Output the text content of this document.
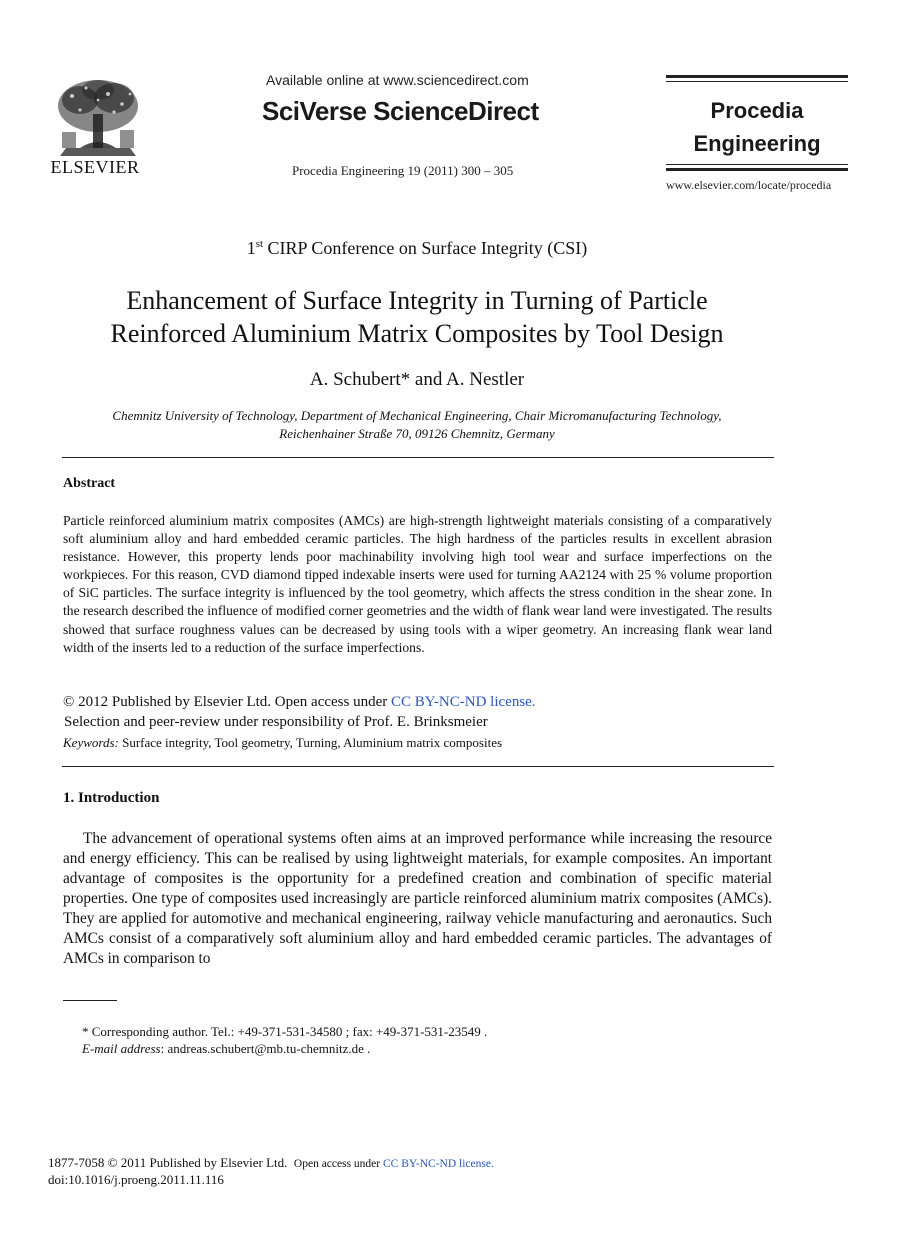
ELSEVIER
Available online at www.sciencedirect.com
SciVerse ScienceDirect
Procedia Engineering 19 (2011) 300 – 305
Procedia
Engineering
www.elsevier.com/locate/procedia
1st CIRP Conference on Surface Integrity (CSI)
Enhancement of Surface Integrity in Turning of Particle
Reinforced Aluminium Matrix Composites by Tool Design
A. Schubert* and A. Nestler
Chemnitz University of Technology, Department of Mechanical Engineering, Chair Micromanufacturing Technology,
Reichenhainer Straße 70, 09126 Chemnitz, Germany
Abstract

Particle reinforced aluminium matrix composites (AMCs) are high-strength lightweight materials consisting of a comparatively soft aluminium alloy and hard embedded ceramic particles. The high hardness of the particles results in excellent abrasion resistance. However, this property lends poor machinability involving high tool wear and surface imperfections on the workpieces. For this reason, CVD diamond tipped indexable inserts were used for turning AA2124 with 25 % volume proportion of SiC particles. The surface integrity is influenced by the tool geometry, which affects the stress condition in the shear zone. In the research described the influence of modified corner geometries and the width of flank wear land were investigated. The results showed that surface roughness values can be decreased by using tools with a wiper geometry. An increasing flank wear land width of the inserts led to a reduction of the surface imperfections.

© 2012 Published by Elsevier Ltd. Open access under CC BY-NC-ND license.
Selection and peer-review under responsibility of Prof. E. Brinksmeier
Keywords: Surface integrity, Tool geometry, Turning, Aluminium matrix composites
1. Introduction

The advancement of operational systems often aims at an improved performance while increasing the resource and energy efficiency. This can be realised by using lightweight materials, for example composites. An important advantage of composites is the opportunity for a predefined creation and combination of specific material properties. One type of composites used increasingly are particle reinforced aluminium matrix composites (AMCs). They are applied for automotive and mechanical engineering, railway vehicle manufacturing and aeronautics. Such AMCs consist of a comparatively soft aluminium alloy and hard embedded ceramic particles. The advantages of AMCs in comparison to

* Corresponding author. Tel.: +49-371-531-34580 ; fax: +49-371-531-23549 .
E-mail address: andreas.schubert@mb.tu-chemnitz.de .
1877-7058 © 2011 Published by Elsevier Ltd. Open access under CC BY-NC-ND license.
doi:10.1016/j.proeng.2011.11.116
